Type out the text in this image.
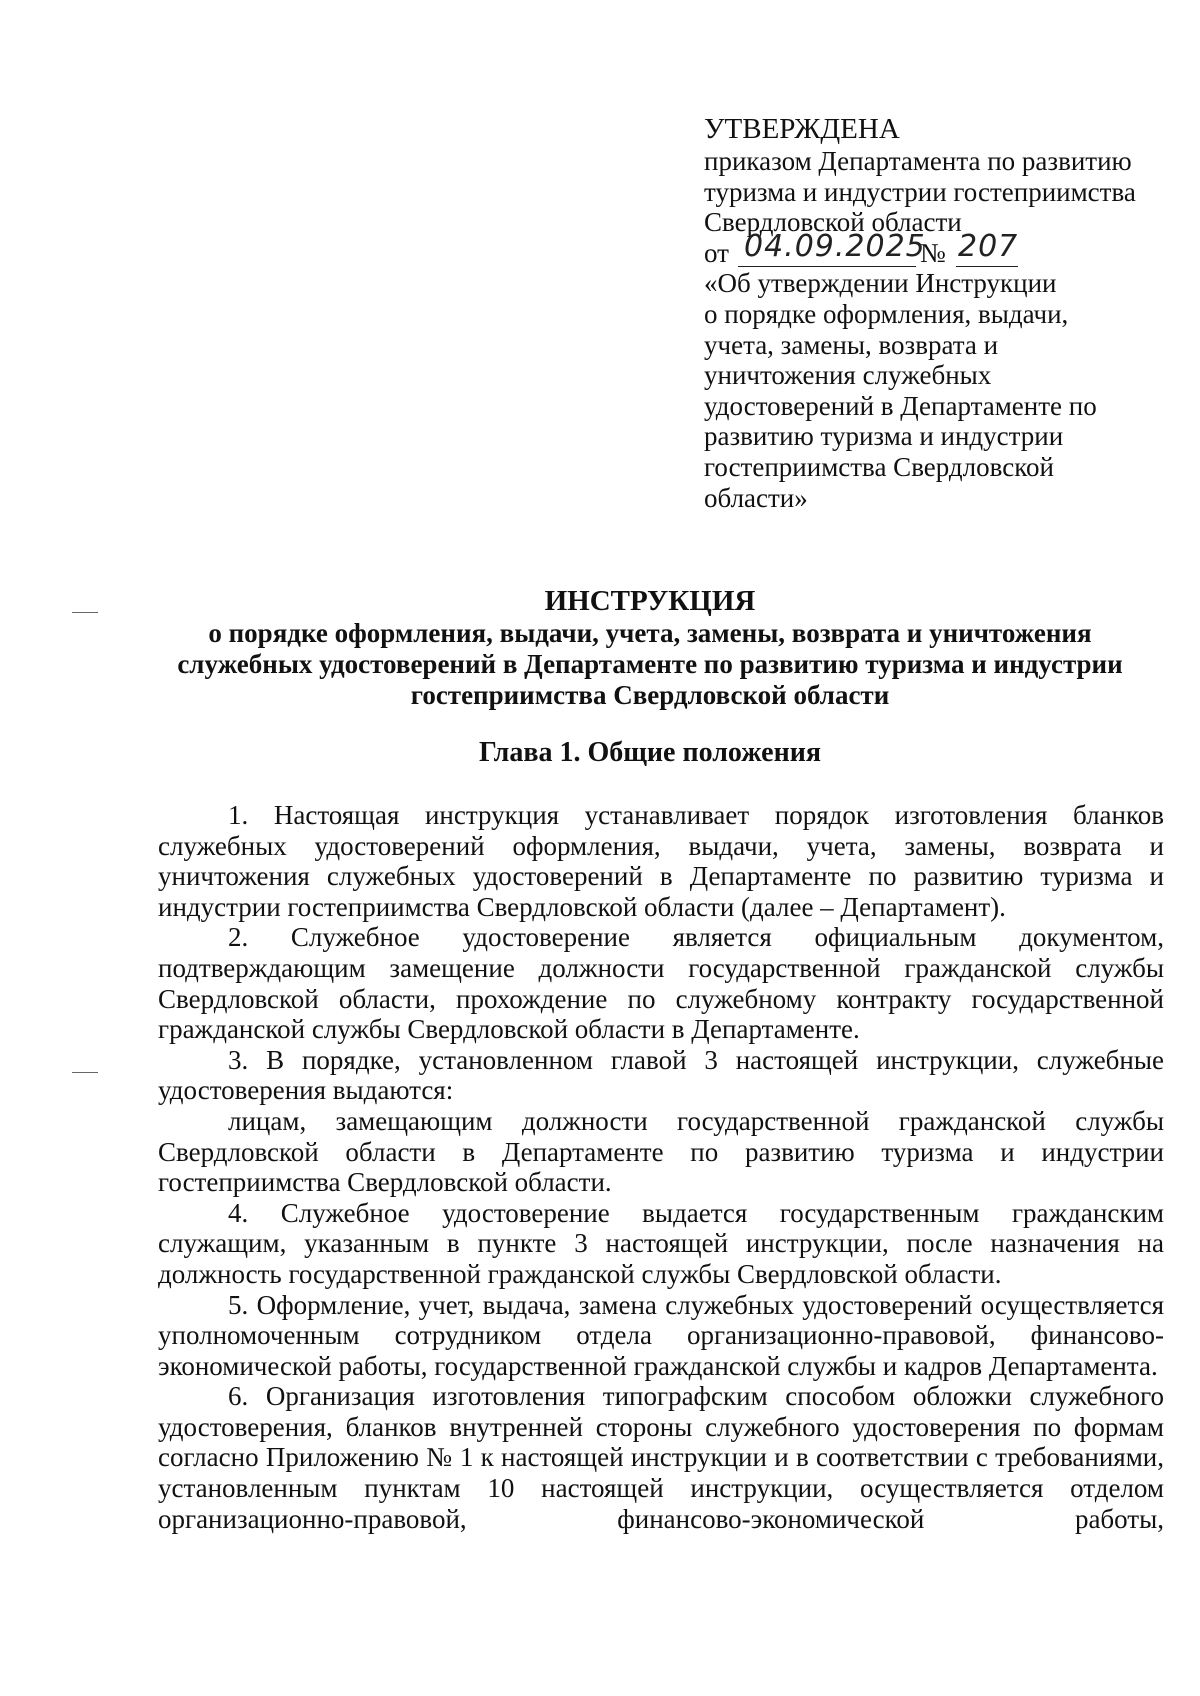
УТВЕРЖДЕНА
приказом Департамента по развитию
туризма и индустрии гостеприимства
Свердловской области
от 04.09.2025
№ 207
«Об утверждении Инструкции
о порядке оформления, выдачи,
учета, замены, возврата и
уничтожения служебных
удостоверений в Департаменте по
развитию туризма и индустрии
гостеприимства Свердловской
области»
ИНСТРУКЦИЯ
о порядке оформления, выдачи, учета, замены, возврата и уничтожения
служебных удостоверений в Департаменте по развитию туризма и индустрии
гостеприимства Свердловской области
Глава 1. Общие положения

1. Настоящая инструкция устанавливает порядок изготовления бланков служебных удостоверений оформления, выдачи, учета, замены, возврата и уничтожения служебных удостоверений в Департаменте по развитию туризма и индустрии гостеприимства Свердловской области (далее – Департамент).

2. Служебное удостоверение является официальным документом, подтверждающим замещение должности государственной гражданской службы Свердловской области, прохождение по служебному контракту государственной гражданской службы Свердловской области в Департаменте.

3. В порядке, установленном главой 3 настоящей инструкции, служебные удостоверения выдаются:

лицам, замещающим должности государственной гражданской службы Свердловской области в Департаменте по развитию туризма и индустрии гостеприимства Свердловской области.

4. Служебное удостоверение выдается государственным гражданским служащим, указанным в пункте 3 настоящей инструкции, после назначения на должность государственной гражданской службы Свердловской области.

5. Оформление, учет, выдача, замена служебных удостоверений осуществляется уполномоченным сотрудником отдела организационно-правовой, финансово-экономической работы, государственной гражданской службы и кадров Департамента.

6. Организация изготовления типографским способом обложки служебного удостоверения, бланков внутренней стороны служебного удостоверения по формам согласно Приложению № 1 к настоящей инструкции и в соответствии с требованиями, установленным пунктам 10 настоящей инструкции, осуществляется отделом организационно-правовой, финансово-экономической работы,
